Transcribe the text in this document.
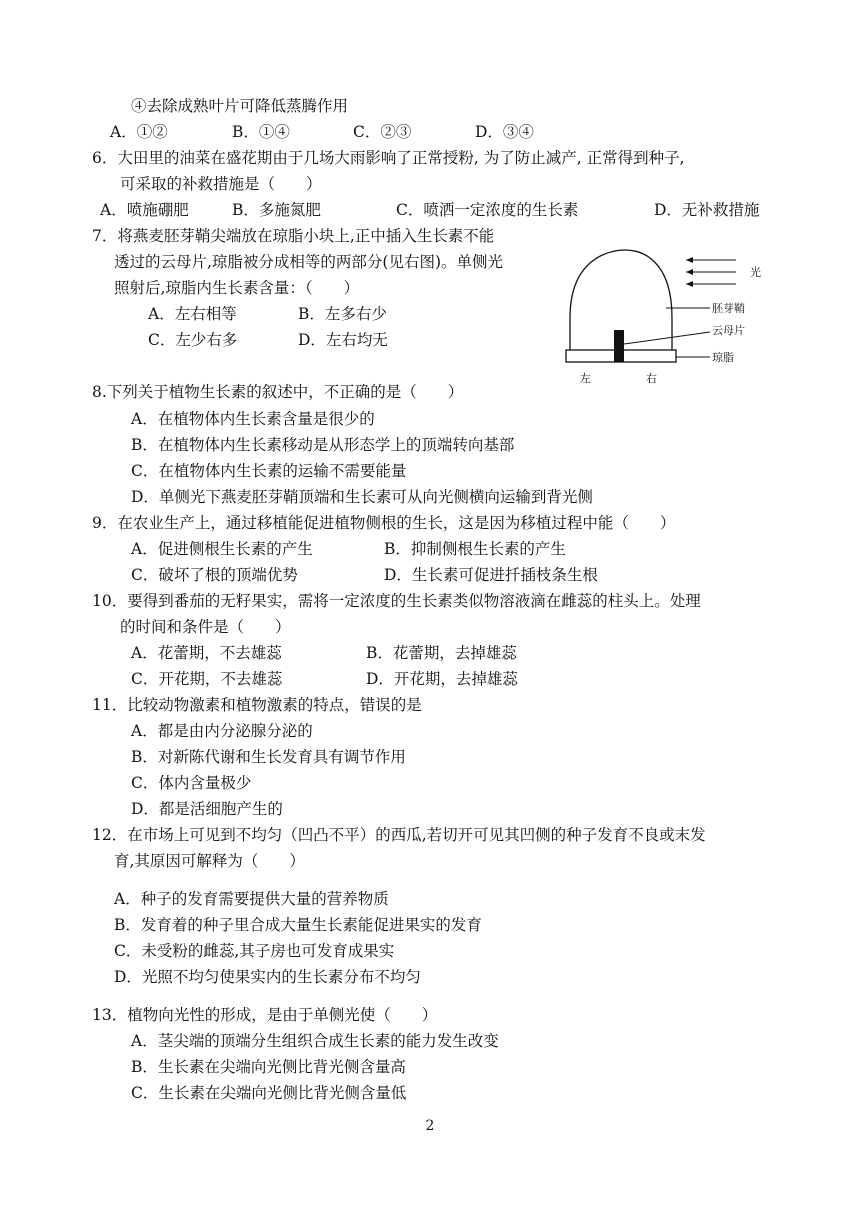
④去除成熟叶片可降低蒸腾作用
A．①②	B．①④	C．②③	D．③④
6．大田里的油菜在盛花期由于几场大雨影响了正常授粉, 为了防止减产, 正常得到种子,
可采取的补救措施是（　　）
A．喷施硼肥	B．多施氮肥	C．喷洒一定浓度的生长素	D．无补救措施
7．将燕麦胚芽鞘尖端放在琼脂小块上,正中插入生长素不能
透过的云母片,琼脂被分成相等的两部分(见右图)。单侧光
照射后,琼脂内生长素含量：（　　）
A．左右相等	B．左多右少
C．左少右多	D．左右均无
光
胚芽鞘
云母片
琼脂
左	右
8.下列关于植物生长素的叙述中，不正确的是（　　）
A．在植物体内生长素含量是很少的
B．在植物体内生长素移动是从形态学上的顶端转向基部
C．在植物体内生长素的运输不需要能量
D．单侧光下燕麦胚芽鞘顶端和生长素可从向光侧横向运输到背光侧
9．在农业生产上，通过移植能促进植物侧根的生长，这是因为移植过程中能（　　）
A．促进侧根生长素的产生	B．抑制侧根生长素的产生
C．破坏了根的顶端优势	D．生长素可促进扦插枝条生根
10．要得到番茄的无籽果实，需将一定浓度的生长素类似物溶液滴在雌蕊的柱头上。处理
的时间和条件是（　　）
A．花蕾期，不去雄蕊	B．花蕾期，去掉雄蕊
C．开花期，不去雄蕊	D．开花期，去掉雄蕊
11．比较动物激素和植物激素的特点，错误的是
A．都是由内分泌腺分泌的
B．对新陈代谢和生长发育具有调节作用
C．体内含量极少
D．都是活细胞产生的
12．在市场上可见到不均匀（凹凸不平）的西瓜,若切开可见其凹侧的种子发育不良或末发
育,其原因可解释为（　　）
A．种子的发育需要提供大量的营养物质
B．发育着的种子里合成大量生长素能促进果实的发育
C．未受粉的雌蕊,其子房也可发育成果实
D．光照不均匀使果实内的生长素分布不均匀
13．植物向光性的形成，是由于单侧光使（　　）
A．茎尖端的顶端分生组织合成生长素的能力发生改变
B．生长素在尖端向光侧比背光侧含量高
C．生长素在尖端向光侧比背光侧含量低
2
